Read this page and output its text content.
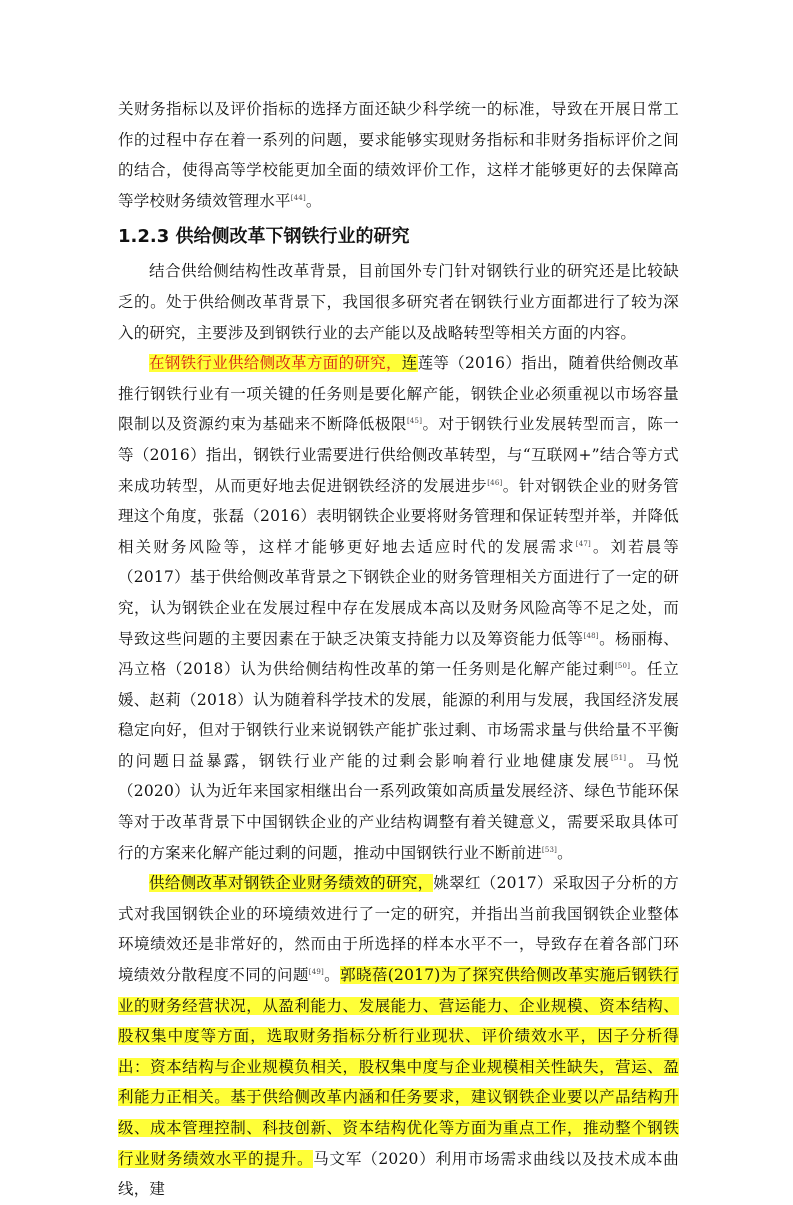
关财务指标以及评价指标的选择方面还缺少科学统一的标准，导致在开展日常工作的过程中存在着一系列的问题，要求能够实现财务指标和非财务指标评价之间的结合，使得高等学校能更加全面的绩效评价工作，这样才能够更好的去保障高等学校财务绩效管理水平[44]。

1.2.3 供给侧改革下钢铁行业的研究

结合供给侧结构性改革背景，目前国外专门针对钢铁行业的研究还是比较缺乏的。处于供给侧改革背景下，我国很多研究者在钢铁行业方面都进行了较为深入的研究，主要涉及到钢铁行业的去产能以及战略转型等相关方面的内容。

在钢铁行业供给侧改革方面的研究，连莲等（2016）指出，随着供给侧改革推行钢铁行业有一项关键的任务则是要化解产能，钢铁企业必须重视以市场容量限制以及资源约束为基础来不断降低极限[45]。对于钢铁行业发展转型而言，陈一等（2016）指出，钢铁行业需要进行供给侧改革转型，与“互联网+”结合等方式来成功转型，从而更好地去促进钢铁经济的发展进步[46]。针对钢铁企业的财务管理这个角度，张磊（2016）表明钢铁企业要将财务管理和保证转型并举，并降低相关财务风险等，这样才能够更好地去适应时代的发展需求[47]。刘若晨等（2017）基于供给侧改革背景之下钢铁企业的财务管理相关方面进行了一定的研究，认为钢铁企业在发展过程中存在发展成本高以及财务风险高等不足之处，而导致这些问题的主要因素在于缺乏决策支持能力以及筹资能力低等[48]。杨丽梅、冯立格（2018）认为供给侧结构性改革的第一任务则是化解产能过剩[50]。任立媛、赵莉（2018）认为随着科学技术的发展，能源的利用与发展，我国经济发展稳定向好，但对于钢铁行业来说钢铁产能扩张过剩、市场需求量与供给量不平衡的问题日益暴露，钢铁行业产能的过剩会影响着行业地健康发展[51]。马悦（2020）认为近年来国家相继出台一系列政策如高质量发展经济、绿色节能环保等对于改革背景下中国钢铁企业的产业结构调整有着关键意义，需要采取具体可行的方案来化解产能过剩的问题，推动中国钢铁行业不断前进[53]。

供给侧改革对钢铁企业财务绩效的研究，姚翠红（2017）采取因子分析的方式对我国钢铁企业的环境绩效进行了一定的研究，并指出当前我国钢铁企业整体环境绩效还是非常好的，然而由于所选择的样本水平不一，导致存在着各部门环境绩效分散程度不同的问题[49]。郭晓蓓(2017)为了探究供给侧改革实施后钢铁行业的财务经营状况，从盈利能力、发展能力、营运能力、企业规模、资本结构、股权集中度等方面，选取财务指标分析行业现状、评价绩效水平，因子分析得出：资本结构与企业规模负相关，股权集中度与企业规模相关性缺失，营运、盈利能力正相关。基于供给侧改革内涵和任务要求，建议钢铁企业要以产品结构升级、成本管理控制、科技创新、资本结构优化等方面为重点工作，推动整个钢铁行业财务绩效水平的提升。马文军（2020）利用市场需求曲线以及技术成本曲线，建
